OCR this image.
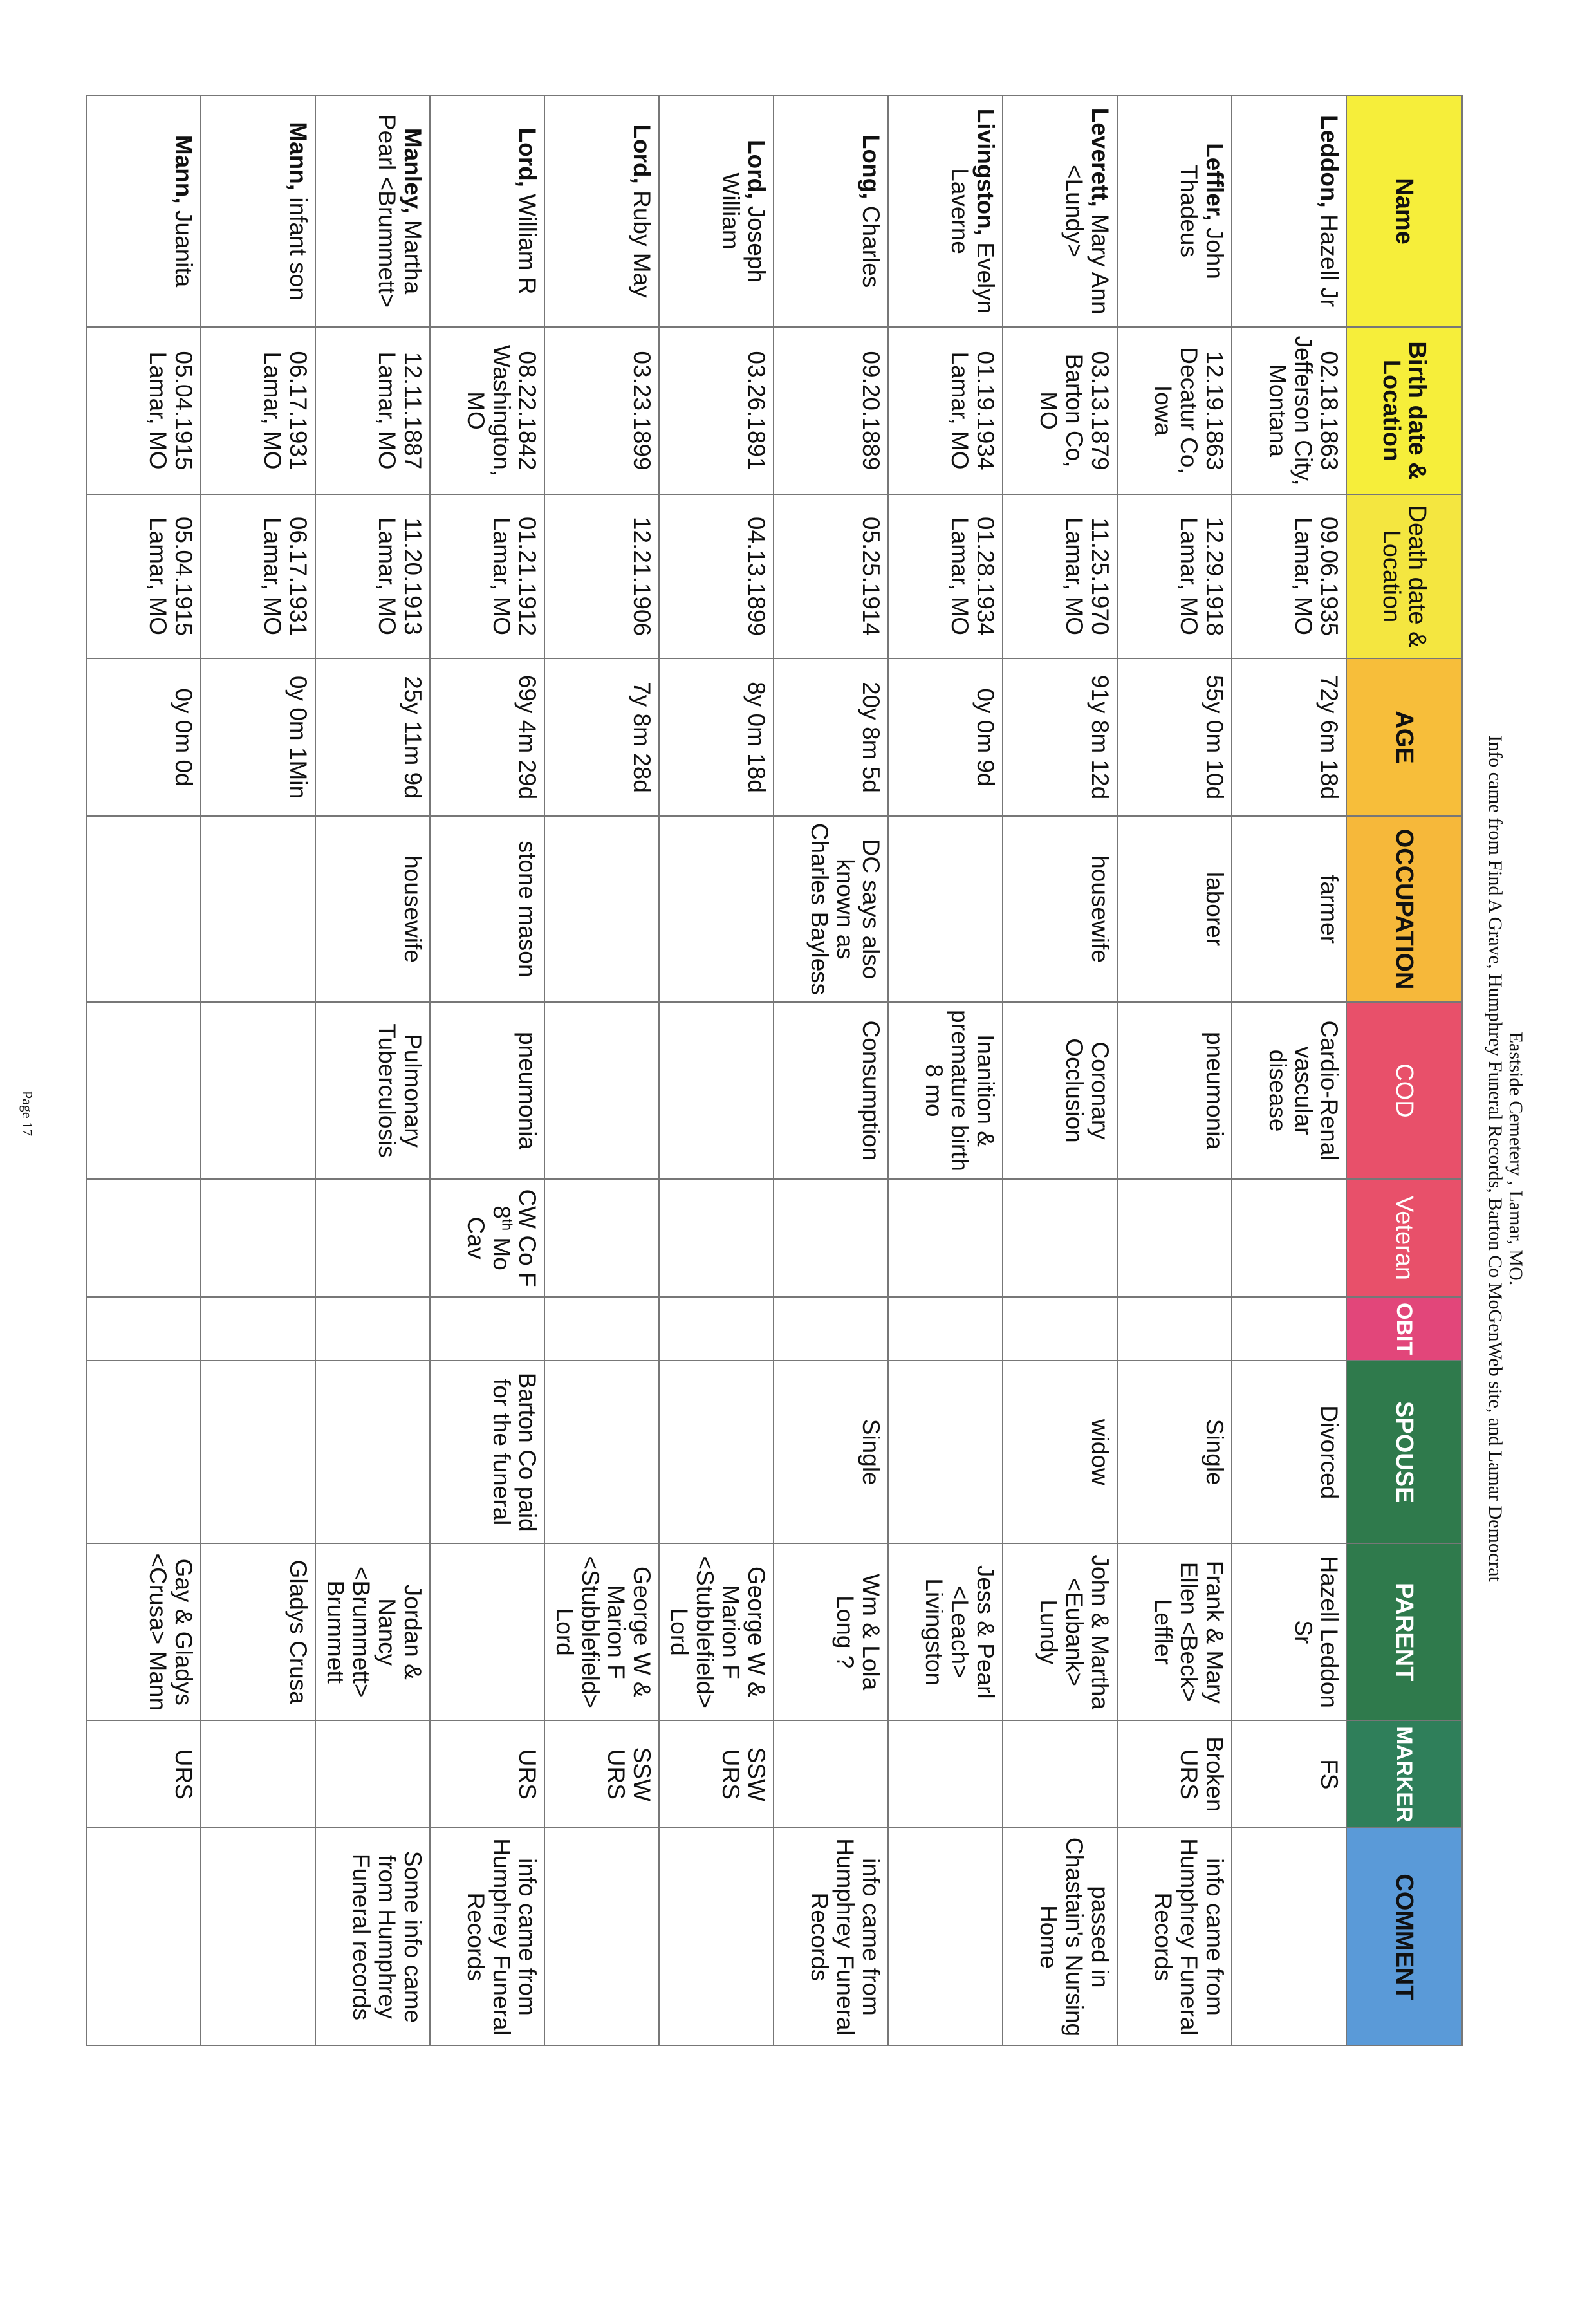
Eastside Cemetery , Lamar, MO.
Info came from Find A Grave, Humphrey Funeral Records, Barton Co MoGenWeb site, and Lamar Democrat
Name	Birth date & Location	Death date & Location	AGE	OCCUPATION	COD	Veteran	OBIT	SPOUSE	PARENT	MARKER	COMMENT
Leddon, Hazell Jr	02.18.1863 Jefferson City, Montana	09.06.1935 Lamar, MO	72y 6m 18d	farmer	Cardio-Renal vascular disease			Divorced	Hazell Leddon Sr	FS	
Leffler, John Thadeus	12.19.1863 Decatur Co, Iowa	12.29.1918 Lamar, MO	55y 0m 10d	laborer	pneumonia			Single	Frank & Mary Ellen <Beck> Leffler	Broken URS	info came from Humphrey Funeral Records
Leverett, Mary Ann <Lundy>	03.13.1879 Barton Co, MO	11.25.1970 Lamar, MO	91y 8m 12d	housewife	Coronary Occlusion			widow	John & Martha <Eubank> Lundy		passed in Chastain's Nursing Home
Livingston, Evelyn Laverne	01.19.1934 Lamar, MO	01.28.1934 Lamar, MO	0y 0m 9d		Inanition & premature birth 8 mo				Jess & Pearl <Leach> Livingston		
Long, Charles	09.20.1889	05.25.1914	20y 8m 5d	DC says also known as Charles Bayless	Consumption			Single	Wm & Lola Long ?		info came from Humphrey Funeral Records
Lord, Joseph William	03.26.1891	04.13.1899	8y 0m 18d						George W & Marion F <Stubblefield> Lord	SSW URS	
Lord, Ruby May	03.23.1899	12.21.1906	7y 8m 28d						George W & Marion F <Stubblefield> Lord	SSW URS	
Lord, William R	08.22.1842 Washington, MO	01.21.1912 Lamar, MO	69y 4m 29d	stone mason	pneumonia	CW Co F 8th Mo Cav		Barton Co paid for the funeral		URS	info came from Humphrey Funeral Records
Manley, Martha Pearl <Brummett>	12.11.1887 Lamar, MO	11.20.1913 Lamar, MO	25y 11m 9d	housewife	Pulmonary Tuberculosis				Jordan & Nancy <Brummett> Brummett		Some info came from Humphrey Funeral records
Mann, infant son	06.17.1931 Lamar, MO	06.17.1931 Lamar, MO	0y 0m 1Min						Gladys Crusa		
Mann, Juanita	05.04.1915 Lamar, MO	05.04.1915 Lamar, MO	0y 0m 0d						Gay & Gladys <Crusa> Mann	URS	
Page 17
